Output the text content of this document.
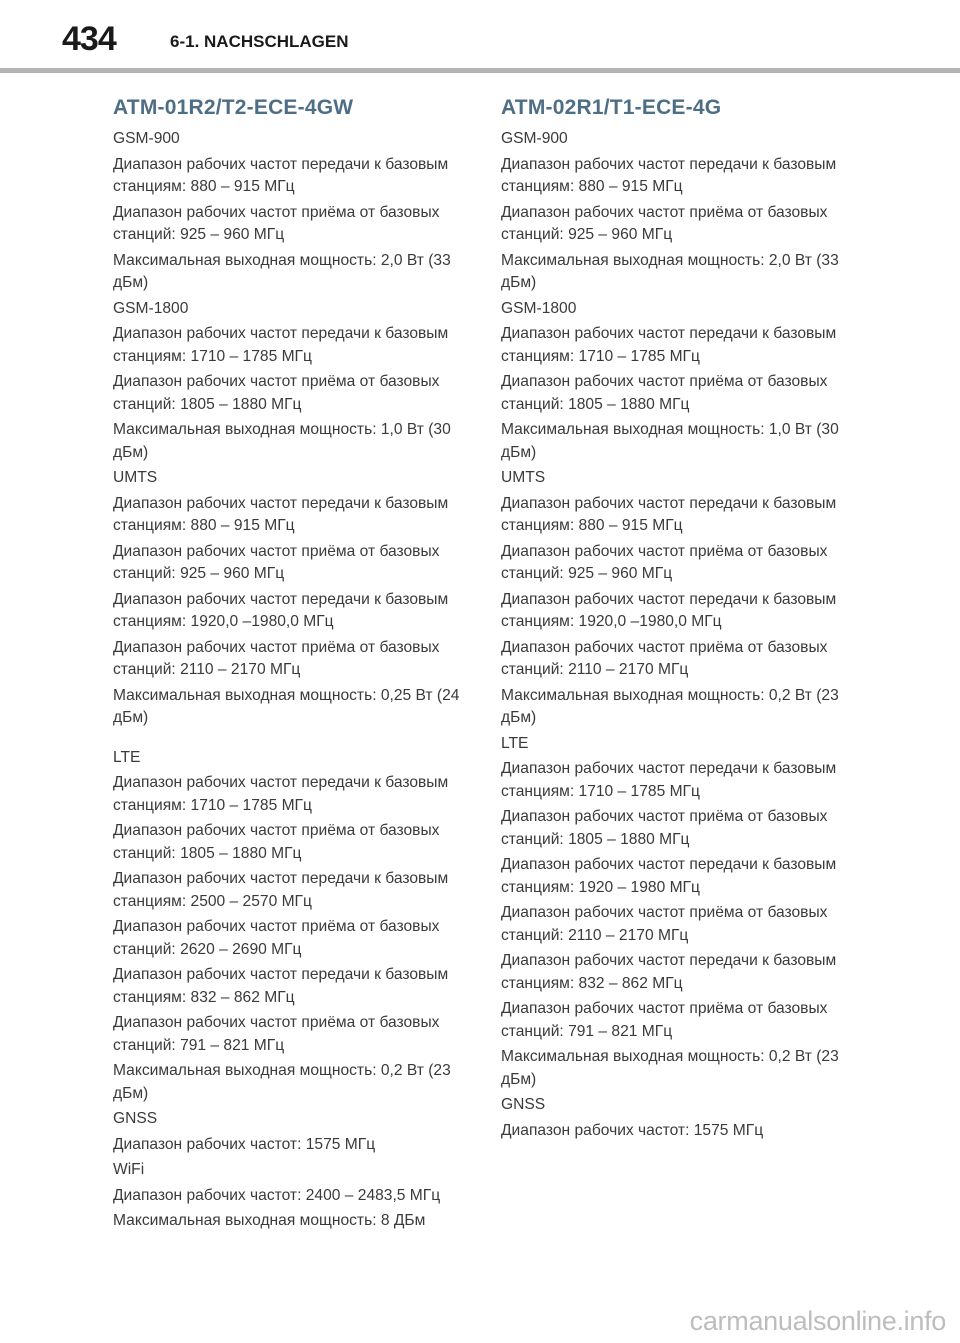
434	6-1. NACHSCHLAGEN
ATM-01R2/T2-ECE-4GW

GSM-900

Диапазон рабочих частот передачи к базовым станциям: 880 – 915 МГц

Диапазон рабочих частот приёма от базовых станций: 925 – 960 МГц

Максимальная выходная мощность: 2,0 Вт (33 дБм)

GSM-1800

Диапазон рабочих частот передачи к базовым станциям: 1710 – 1785 МГц

Диапазон рабочих частот приёма от базовых станций: 1805 – 1880 МГц

Максимальная выходная мощность: 1,0 Вт (30 дБм)

UMTS

Диапазон рабочих частот передачи к базовым станциям: 880 – 915 МГц

Диапазон рабочих частот приёма от базовых станций: 925 – 960 МГц

Диапазон рабочих частот передачи к базовым станциям: 1920,0 –1980,0 МГц

Диапазон рабочих частот приёма от базовых станций: 2110 – 2170 МГц

Максимальная выходная мощность: 0,25 Вт (24 дБм)

LTE

Диапазон рабочих частот передачи к базовым станциям: 1710 – 1785 МГц

Диапазон рабочих частот приёма от базовых станций: 1805 – 1880 МГц

Диапазон рабочих частот передачи к базовым станциям: 2500 – 2570 МГц

Диапазон рабочих частот приёма от базовых станций: 2620 – 2690 МГц

Диапазон рабочих частот передачи к базовым станциям: 832 – 862 МГц

Диапазон рабочих частот приёма от базовых станций: 791 – 821 МГц

Максимальная выходная мощность: 0,2 Вт (23 дБм)

GNSS

Диапазон рабочих частот: 1575 МГц

WiFi

Диапазон рабочих частот: 2400 – 2483,5 МГц

Максимальная выходная мощность: 8 ДБм

ATM-02R1/T1-ECE-4G

GSM-900

Диапазон рабочих частот передачи к базовым станциям: 880 – 915 МГц

Диапазон рабочих частот приёма от базовых станций: 925 – 960 МГц

Максимальная выходная мощность: 2,0 Вт (33 дБм)

GSM-1800

Диапазон рабочих частот передачи к базовым станциям: 1710 – 1785 МГц

Диапазон рабочих частот приёма от базовых станций: 1805 – 1880 МГц

Максимальная выходная мощность: 1,0 Вт (30 дБм)

UMTS

Диапазон рабочих частот передачи к базовым станциям: 880 – 915 МГц

Диапазон рабочих частот приёма от базовых станций: 925 – 960 МГц

Диапазон рабочих частот передачи к базовым станциям: 1920,0 –1980,0 МГц

Диапазон рабочих частот приёма от базовых станций: 2110 – 2170 МГц

Максимальная выходная мощность: 0,2 Вт (23 дБм)

LTE

Диапазон рабочих частот передачи к базовым станциям: 1710 – 1785 МГц

Диапазон рабочих частот приёма от базовых станций: 1805 – 1880 МГц

Диапазон рабочих частот передачи к базовым станциям: 1920 – 1980 МГц

Диапазон рабочих частот приёма от базовых станций: 2110 – 2170 МГц

Диапазон рабочих частот передачи к базовым станциям: 832 – 862 МГц

Диапазон рабочих частот приёма от базовых станций: 791 – 821 МГц

Максимальная выходная мощность: 0,2 Вт (23 дБм)

GNSS

Диапазон рабочих частот: 1575 МГц

carmanualsonline.info
